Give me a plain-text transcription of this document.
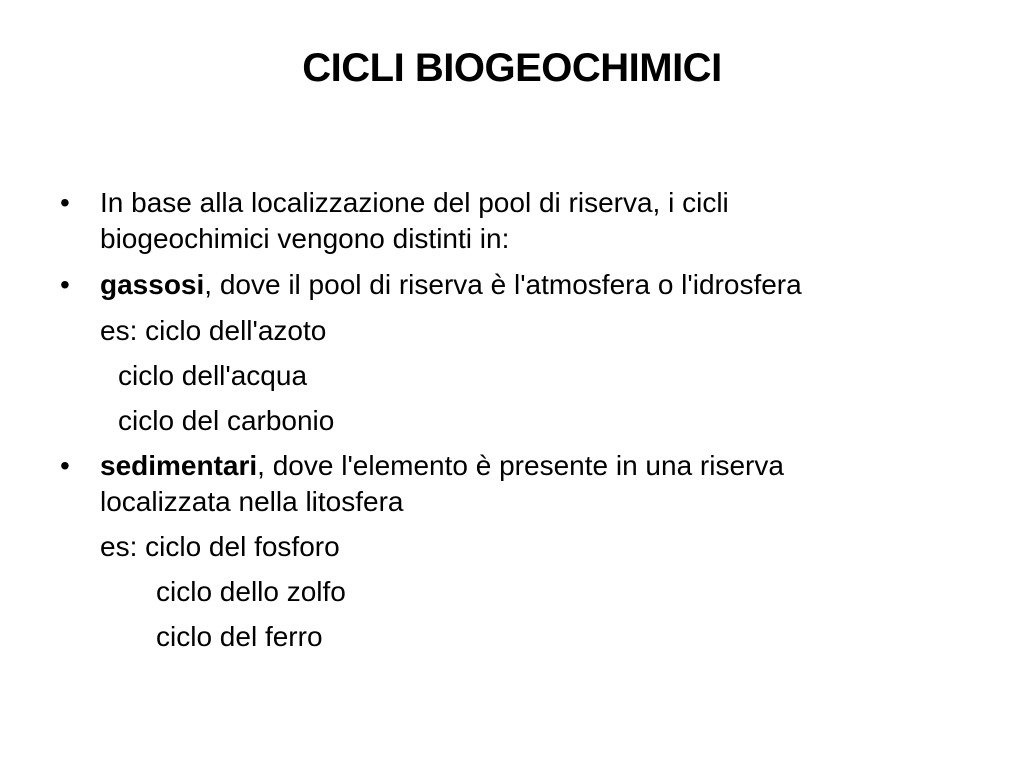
CICLI BIOGEOCHIMICI
• In base alla localizzazione del pool di riserva, i cicli
biogeochimici vengono distinti in:
• gassosi, dove il pool di riserva è l'atmosfera o l'idrosfera
es: ciclo dell'azoto
ciclo dell'acqua
ciclo del carbonio
• sedimentari, dove l'elemento è presente in una riserva
localizzata nella litosfera
es: ciclo del fosforo
ciclo dello zolfo
ciclo del ferro
